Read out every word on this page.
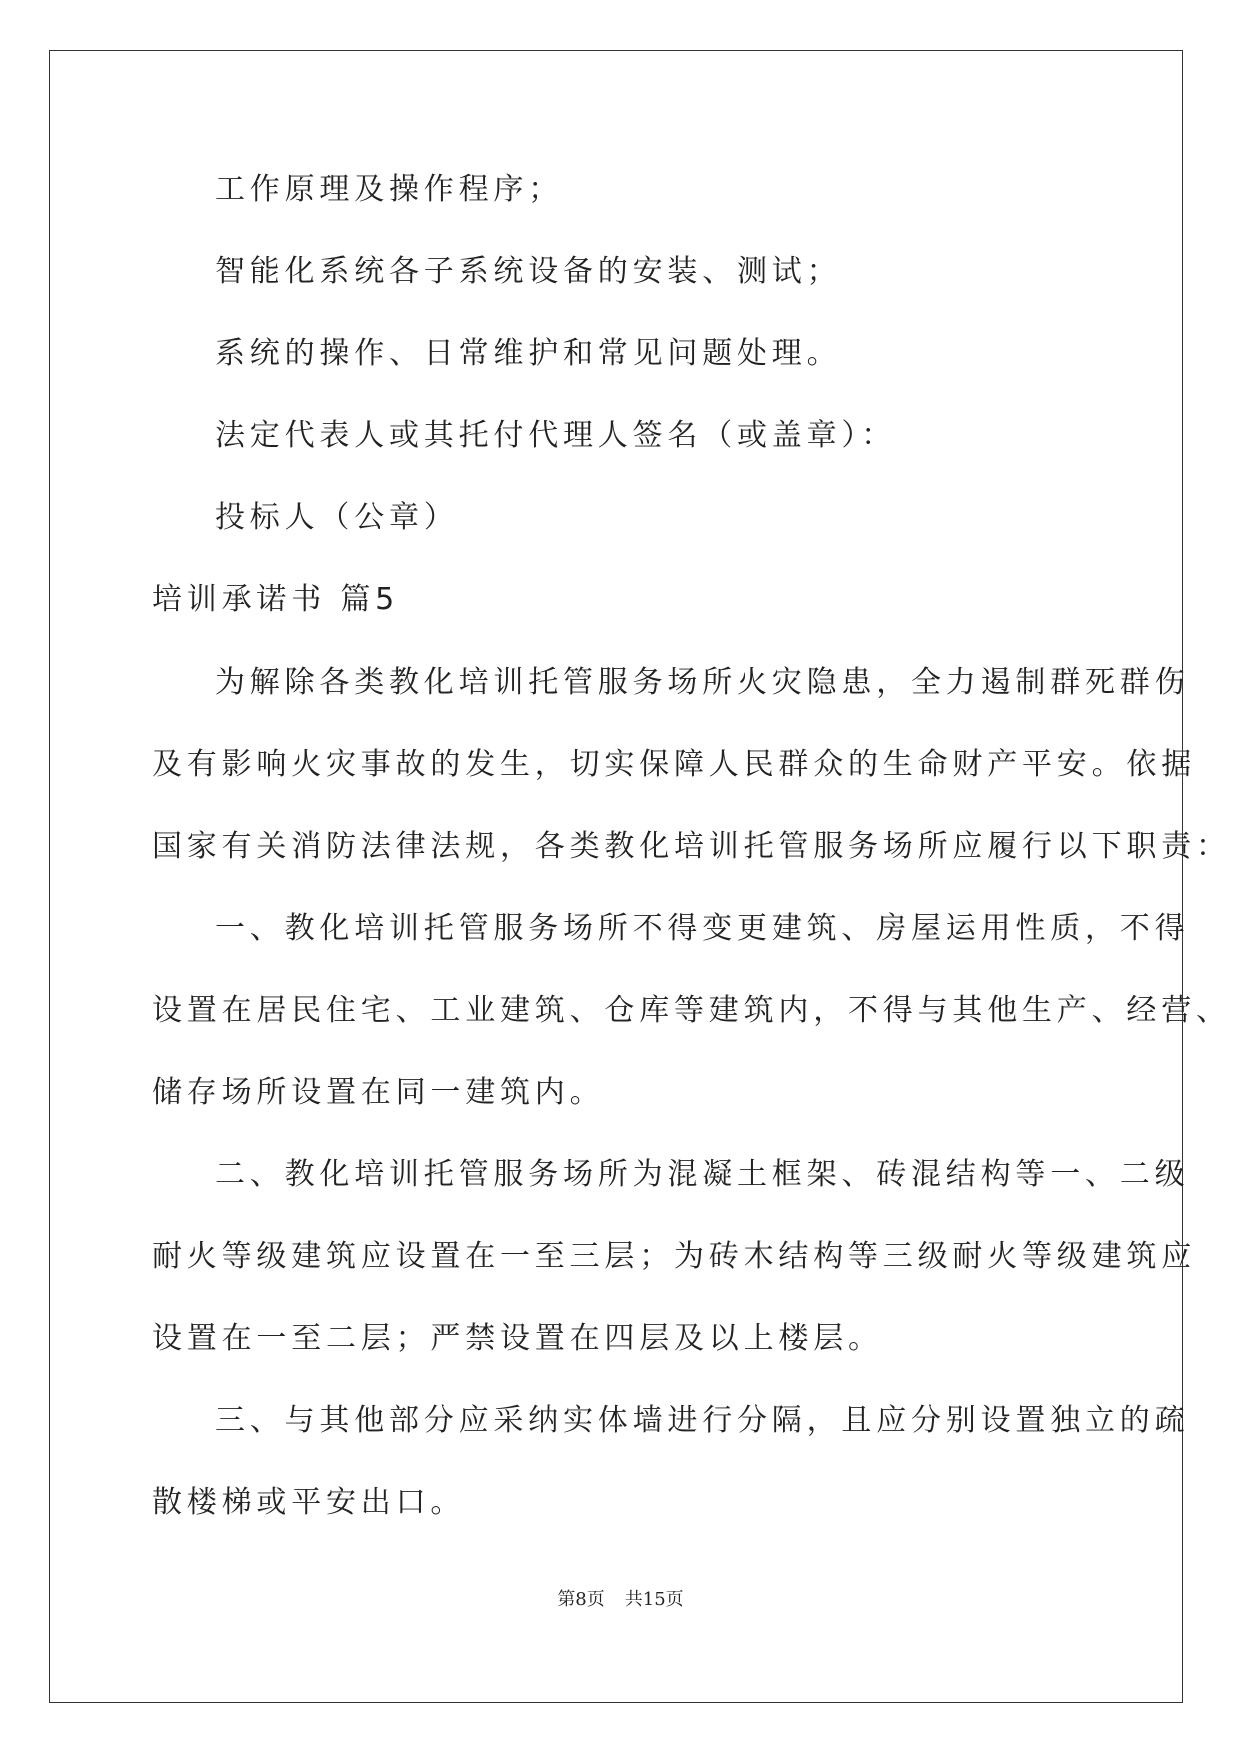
工作原理及操作程序；
智能化系统各子系统设备的安装、测试；
系统的操作、日常维护和常见问题处理。
法定代表人或其托付代理人签名（或盖章）：
投标人（公章）
培训承诺书 篇5
为解除各类教化培训托管服务场所火灾隐患，全力遏制群死群伤
及有影响火灾事故的发生，切实保障人民群众的生命财产平安。依据
国家有关消防法律法规，各类教化培训托管服务场所应履行以下职责：
一、教化培训托管服务场所不得变更建筑、房屋运用性质，不得
设置在居民住宅、工业建筑、仓库等建筑内，不得与其他生产、经营、
储存场所设置在同一建筑内。
二、教化培训托管服务场所为混凝土框架、砖混结构等一、二级
耐火等级建筑应设置在一至三层；为砖木结构等三级耐火等级建筑应
设置在一至二层；严禁设置在四层及以上楼层。
三、与其他部分应采纳实体墙进行分隔，且应分别设置独立的疏
散楼梯或平安出口。
第8页 共15页
